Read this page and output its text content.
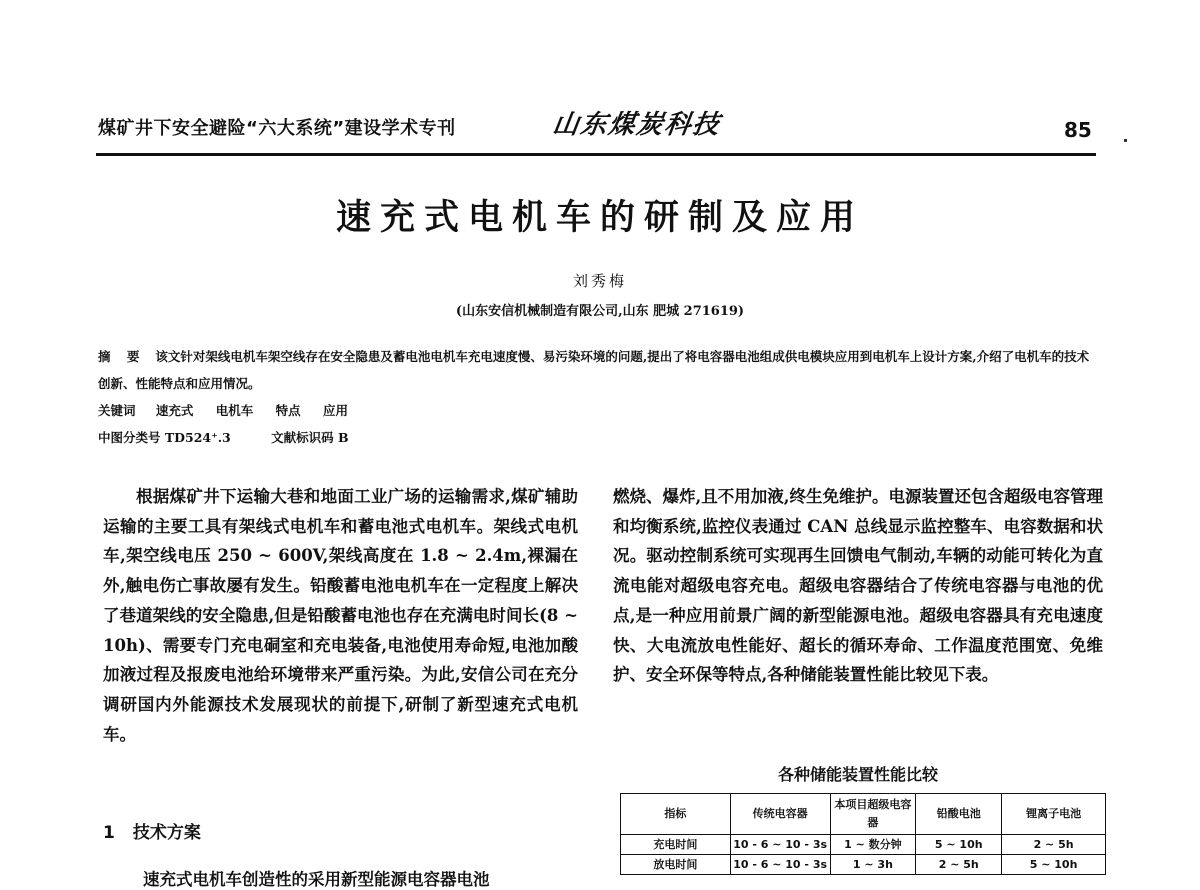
煤矿井下安全避险“六大系统”建设学术专刊	山东煤炭科技	85
速充式电机车的研制及应用
刘秀梅
(山东安信机械制造有限公司,山东 肥城 271619)
摘 要 该文针对架线电机车架空线存在安全隐患及蓄电池电机车充电速度慢、易污染环境的问题,提出了将电容器电池组成供电模块应用到电机车上设计方案,介绍了电机车的技术创新、性能特点和应用情况。
关键词 速充式 电机车 特点 应用
中图分类号 TD524⁺.3	文献标识码 B
根据煤矿井下运输大巷和地面工业广场的运输需求,煤矿辅助运输的主要工具有架线式电机车和蓄电池式电机车。架线式电机车,架空线电压 250 ~ 600V,架线高度在 1.8 ~ 2.4m,裸漏在外,触电伤亡事故屡有发生。铅酸蓄电池电机车在一定程度上解决了巷道架线的安全隐患,但是铅酸蓄电池也存在充满电时间长(8 ~ 10h)、需要专门充电硐室和充电装备,电池使用寿命短,电池加酸加液过程及报废电池给环境带来严重污染。为此,安信公司在充分调研国内外能源技术发展现状的前提下,研制了新型速充式电机车。
1 技术方案
速充式电机车创造性的采用新型能源电容器电池
燃烧、爆炸,且不用加液,终生免维护。电源装置还包含超级电容管理和均衡系统,监控仪表通过 CAN 总线显示监控整车、电容数据和状况。驱动控制系统可实现再生回馈电气制动,车辆的动能可转化为直流电能对超级电容充电。超级电容器结合了传统电容器与电池的优点,是一种应用前景广阔的新型能源电池。超级电容器具有充电速度快、大电流放电性能好、超长的循环寿命、工作温度范围宽、免维护、安全环保等特点,各种储能装置性能比较见下表。
各种储能装置性能比较
指标	传统电容器	本项目超级电容器	铅酸电池	锂离子电池
充电时间	10 - 6 ~ 10 - 3s	1 ~ 数分钟	5 ~ 10h	2 ~ 5h
放电时间	10 - 6 ~ 10 - 3s	1 ~ 3h	2 ~ 5h	5 ~ 10h
